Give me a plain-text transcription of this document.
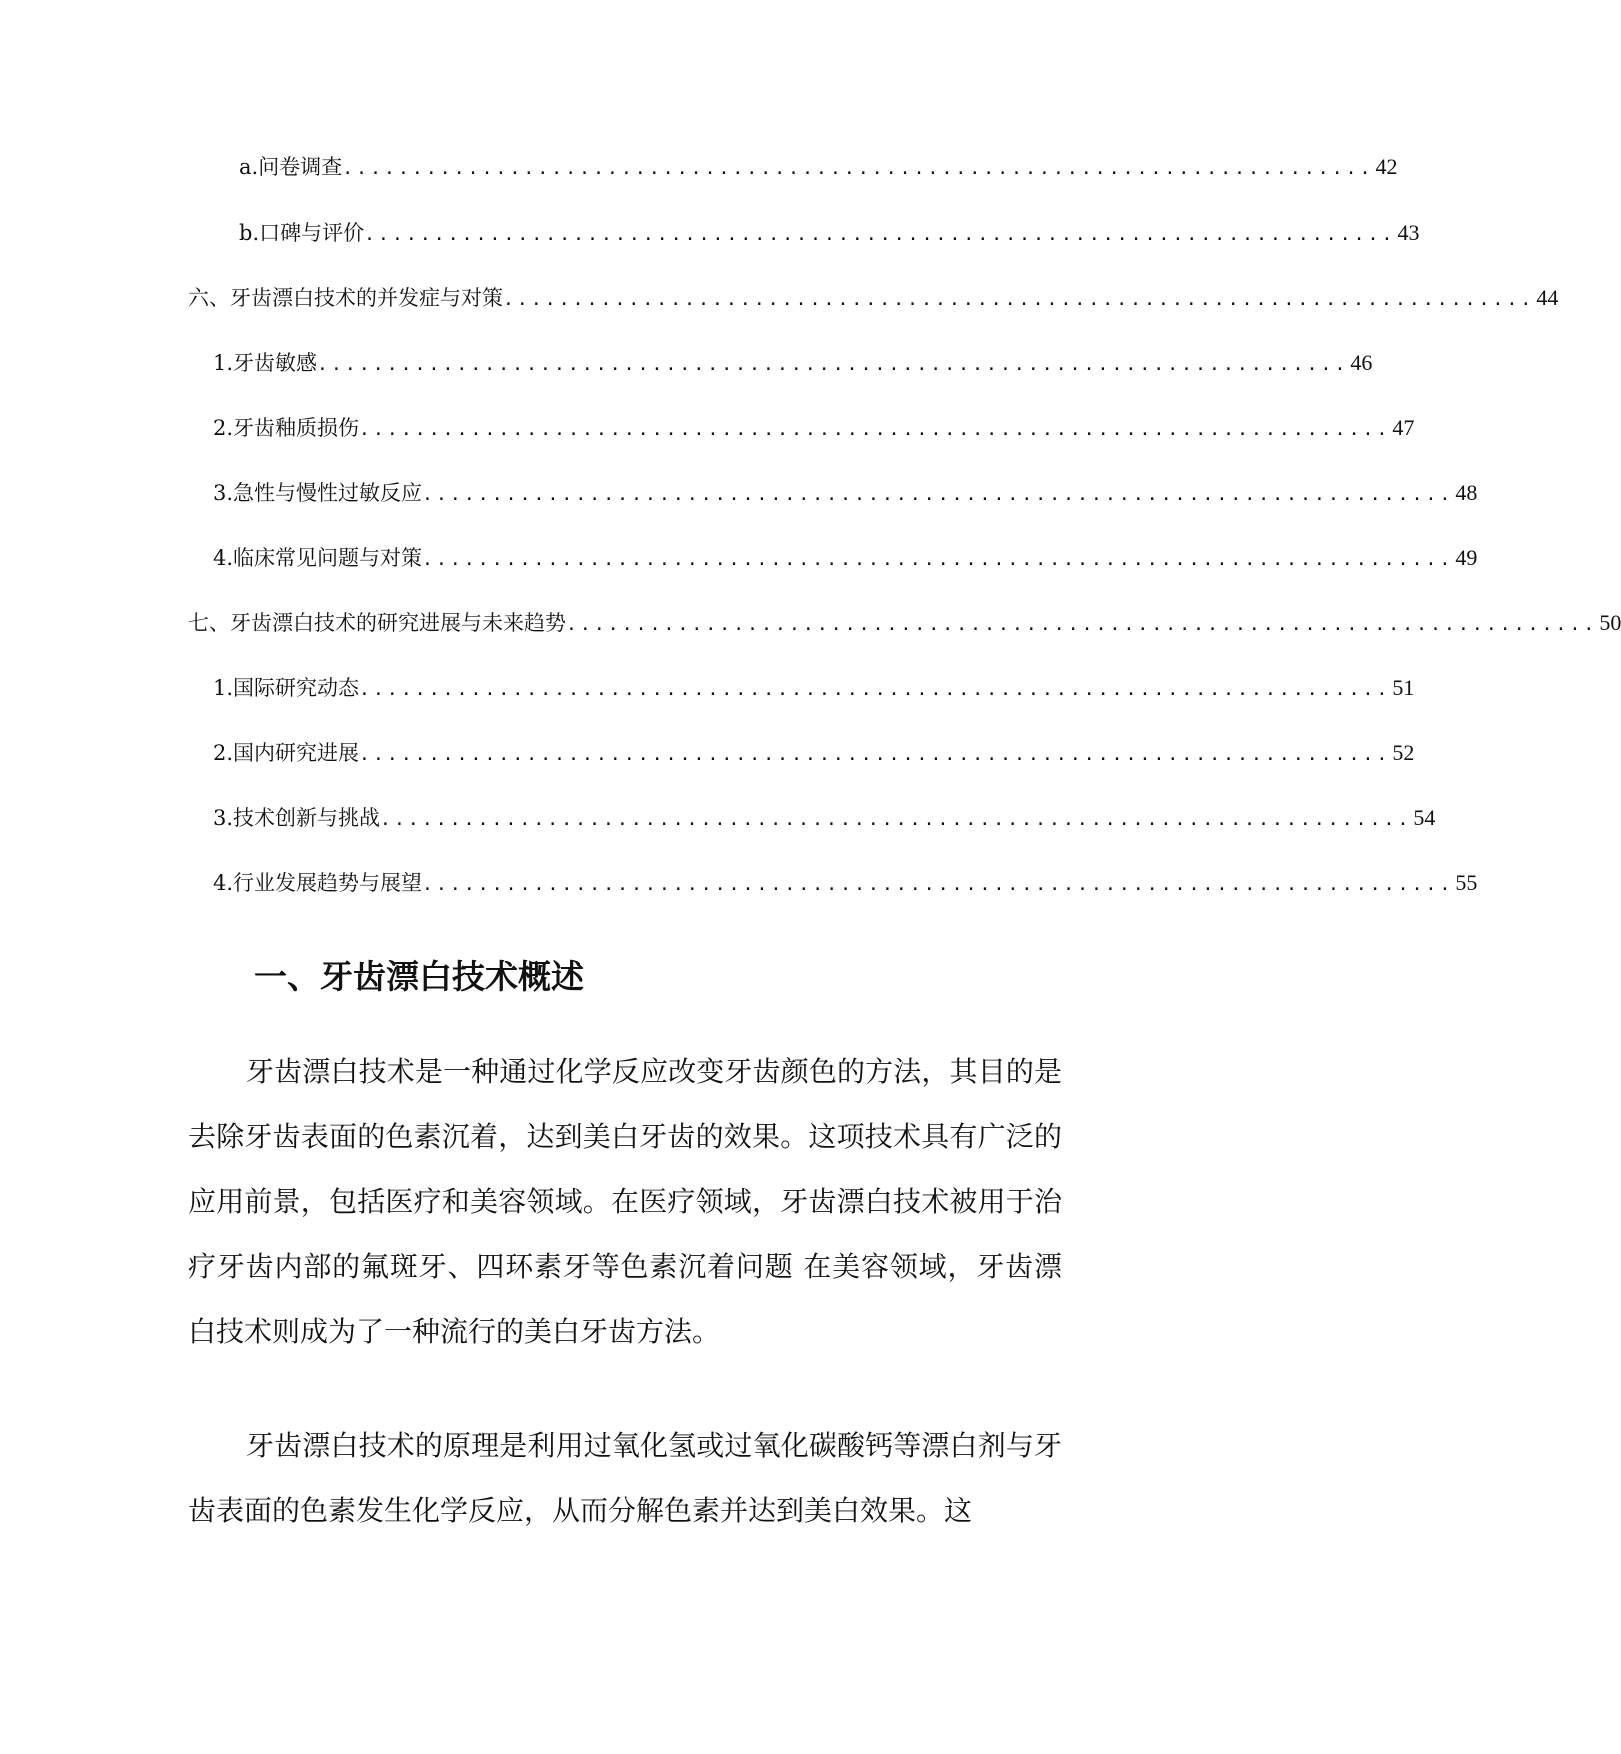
a. 问卷调查 .......................................................................... 42
b. 口碑与评价 .......................................................................... 43
六、牙齿漂白技术的并发症与对策 .......................................................................... 44
1. 牙齿敏感 .......................................................................... 46
2. 牙齿釉质损伤 .......................................................................... 47
3. 急性与慢性过敏反应 .......................................................................... 48
4. 临床常见问题与对策 .......................................................................... 49
七、牙齿漂白技术的研究进展与未来趋势 .......................................................................... 50
1. 国际研究动态 .......................................................................... 51
2. 国内研究进展 .......................................................................... 52
3. 技术创新与挑战 .......................................................................... 54
4. 行业发展趋势与展望 .......................................................................... 55
一、牙齿漂白技术概述

牙齿漂白技术是一种通过化学反应改变牙齿颜色的方法，其目的是去除牙齿表面的色素沉着，达到美白牙齿的效果。这项技术具有广泛的应用前景，包括医疗和美容领域。在医疗领域，牙齿漂白技术被用于治疗牙齿内部的氟斑牙、四环素牙等色素沉着问题 在美容领域，牙齿漂白技术则成为了一种流行的美白牙齿方法。

牙齿漂白技术的原理是利用过氧化氢或过氧化碳酸钙等漂白剂与牙齿表面的色素发生化学反应，从而分解色素并达到美白效果。这
